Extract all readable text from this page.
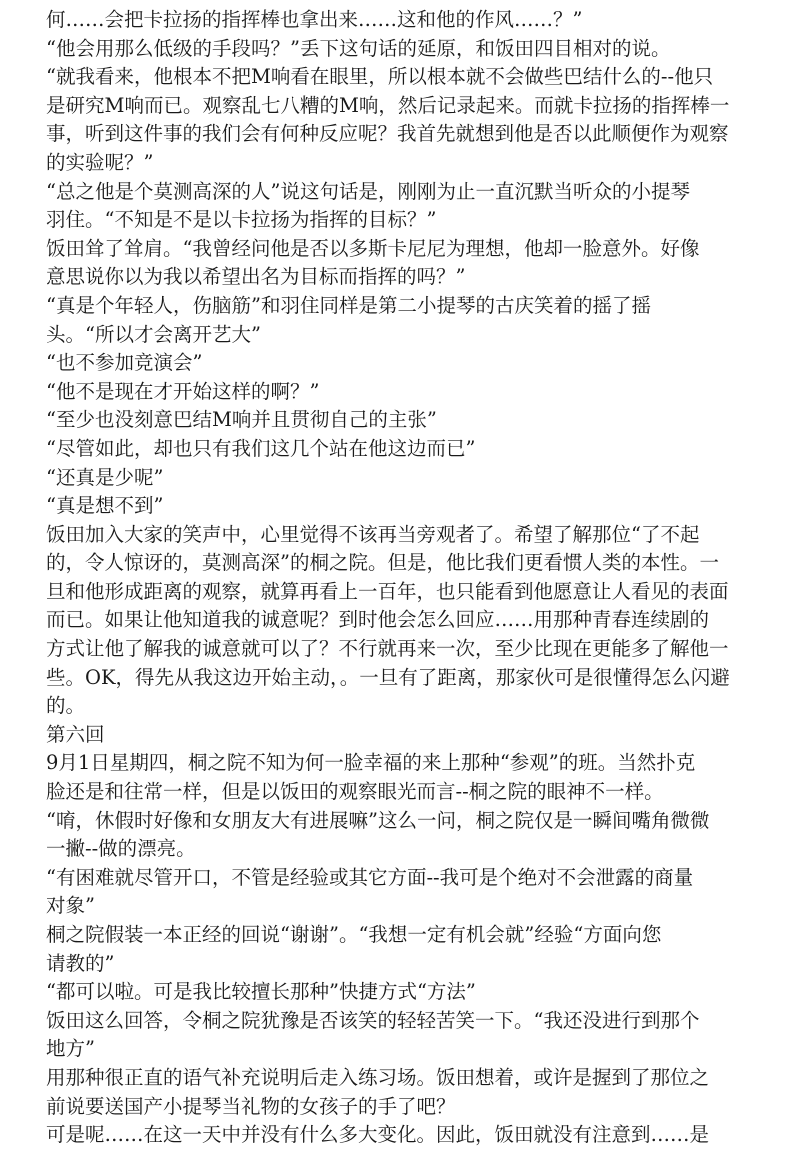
何……会把卡拉扬的指挥棒也拿出来……这和他的作风……？”
“他会用那么低级的手段吗？”丢下这句话的延原，和饭田四目相对的说。
“就我看来，他根本不把M响看在眼里，所以根本就不会做些巴结什么的--他只
是研究M响而已。观察乱七八糟的M响，然后记录起来。而就卡拉扬的指挥棒一
事，听到这件事的我们会有何种反应呢？我首先就想到他是否以此顺便作为观察
的实验呢？”
“总之他是个莫测高深的人”说这句话是，刚刚为止一直沉默当听众的小提琴
羽住。“不知是不是以卡拉扬为指挥的目标？”
饭田耸了耸肩。“我曾经问他是否以多斯卡尼尼为理想，他却一脸意外。好像
意思说你以为我以希望出名为目标而指挥的吗？”
“真是个年轻人，伤脑筋”和羽住同样是第二小提琴的古庆笑着的摇了摇
头。“所以才会离开艺大”
“也不参加竞演会”
“他不是现在才开始这样的啊？”
“至少也没刻意巴结M响并且贯彻自己的主张”
“尽管如此，却也只有我们这几个站在他这边而已”
“还真是少呢”
“真是想不到”
饭田加入大家的笑声中，心里觉得不该再当旁观者了。希望了解那位“了不起
的，令人惊讶的，莫测高深”的桐之院。但是，他比我们更看惯人类的本性。一
旦和他形成距离的观察，就算再看上一百年，也只能看到他愿意让人看见的表面
而已。如果让他知道我的诚意呢？到时他会怎么回应……用那种青春连续剧的
方式让他了解我的诚意就可以了？不行就再来一次，至少比现在更能多了解他一
些。OK，得先从我这边开始主动，。一旦有了距离，那家伙可是很懂得怎么闪避
的。
第六回
9月1日星期四，桐之院不知为何一脸幸福的来上那种“参观”的班。当然扑克
脸还是和往常一样，但是以饭田的观察眼光而言--桐之院的眼神不一样。
“唷，休假时好像和女朋友大有进展嘛”这么一问，桐之院仅是一瞬间嘴角微微
一撇--做的漂亮。
“有困难就尽管开口，不管是经验或其它方面--我可是个绝对不会泄露的商量
对象”
桐之院假装一本正经的回说“谢谢”。“我想一定有机会就”经验“方面向您
请教的”
“都可以啦。可是我比较擅长那种”快捷方式“方法”
饭田这么回答，令桐之院犹豫是否该笑的轻轻苦笑一下。“我还没进行到那个
地方”
用那种很正直的语气补充说明后走入练习场。饭田想着，或许是握到了那位之
前说要送国产小提琴当礼物的女孩子的手了吧？
可是呢……在这一天中并没有什么多大变化。因此，饭田就没有注意到……是
